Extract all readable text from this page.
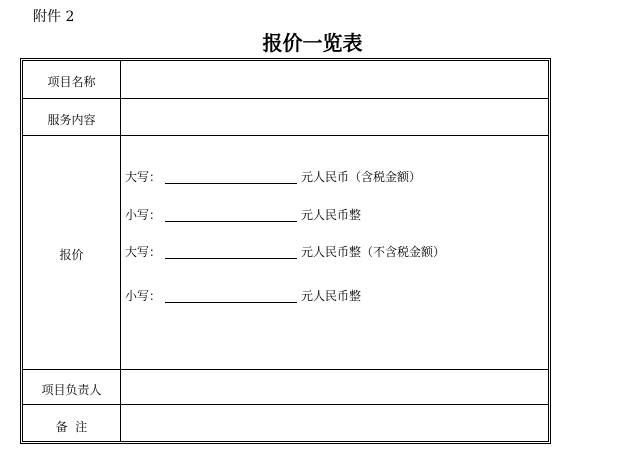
附件 2
报价一览表
项目名称
服务内容
报价
大写：	元人民币（含税金额）
小写：	元人民币整
大写：	元人民币整（不含税金额）
小写：	元人民币整
项目负责人
备  注
